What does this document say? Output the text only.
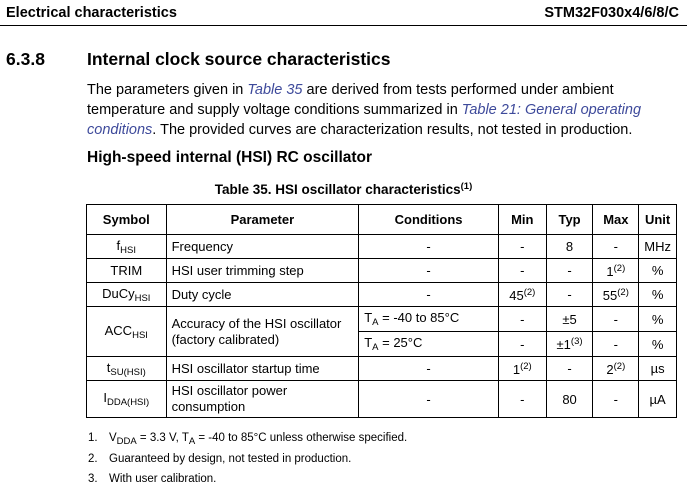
Electrical characteristics	STM32F030x4/6/8/C
6.3.8 Internal clock source characteristics
The parameters given in Table 35 are derived from tests performed under ambient temperature and supply voltage conditions summarized in Table 21: General operating conditions. The provided curves are characterization results, not tested in production.
High-speed internal (HSI) RC oscillator
Table 35. HSI oscillator characteristics$^{(1)}$
Symbol	Parameter	Conditions	Min	Typ	Max	Unit
$f_{HSI}$	Frequency	-	-	8	-	MHz
TRIM	HSI user trimming step	-	-	-	1$^{(2)}$	%
DuCy$_{HSI}$	Duty cycle	-	45$^{(2)}$	-	55$^{(2)}$	%
$ACC_{HSI}$	Accuracy of the HSI oscillator (factory calibrated)	$T_A = -40$ to 85°C	-	±5	-	%
		$T_A = 25^\circ C$	-	$\pm 1^{(3)}$	-	%
$t_{SU(HSI)}$	HSI oscillator startup time	-	1$^{(2)}$	-	2$^{(2)}$	µs
$I_{DDA(HSI)}$	HSI oscillator power consumption	-	-	80	-	µA
1. $V_{DDA} = 3.3$ V, $T_A = -40$ to 85°C unless otherwise specified.
2. Guaranteed by design, not tested in production.
3. With user calibration.
